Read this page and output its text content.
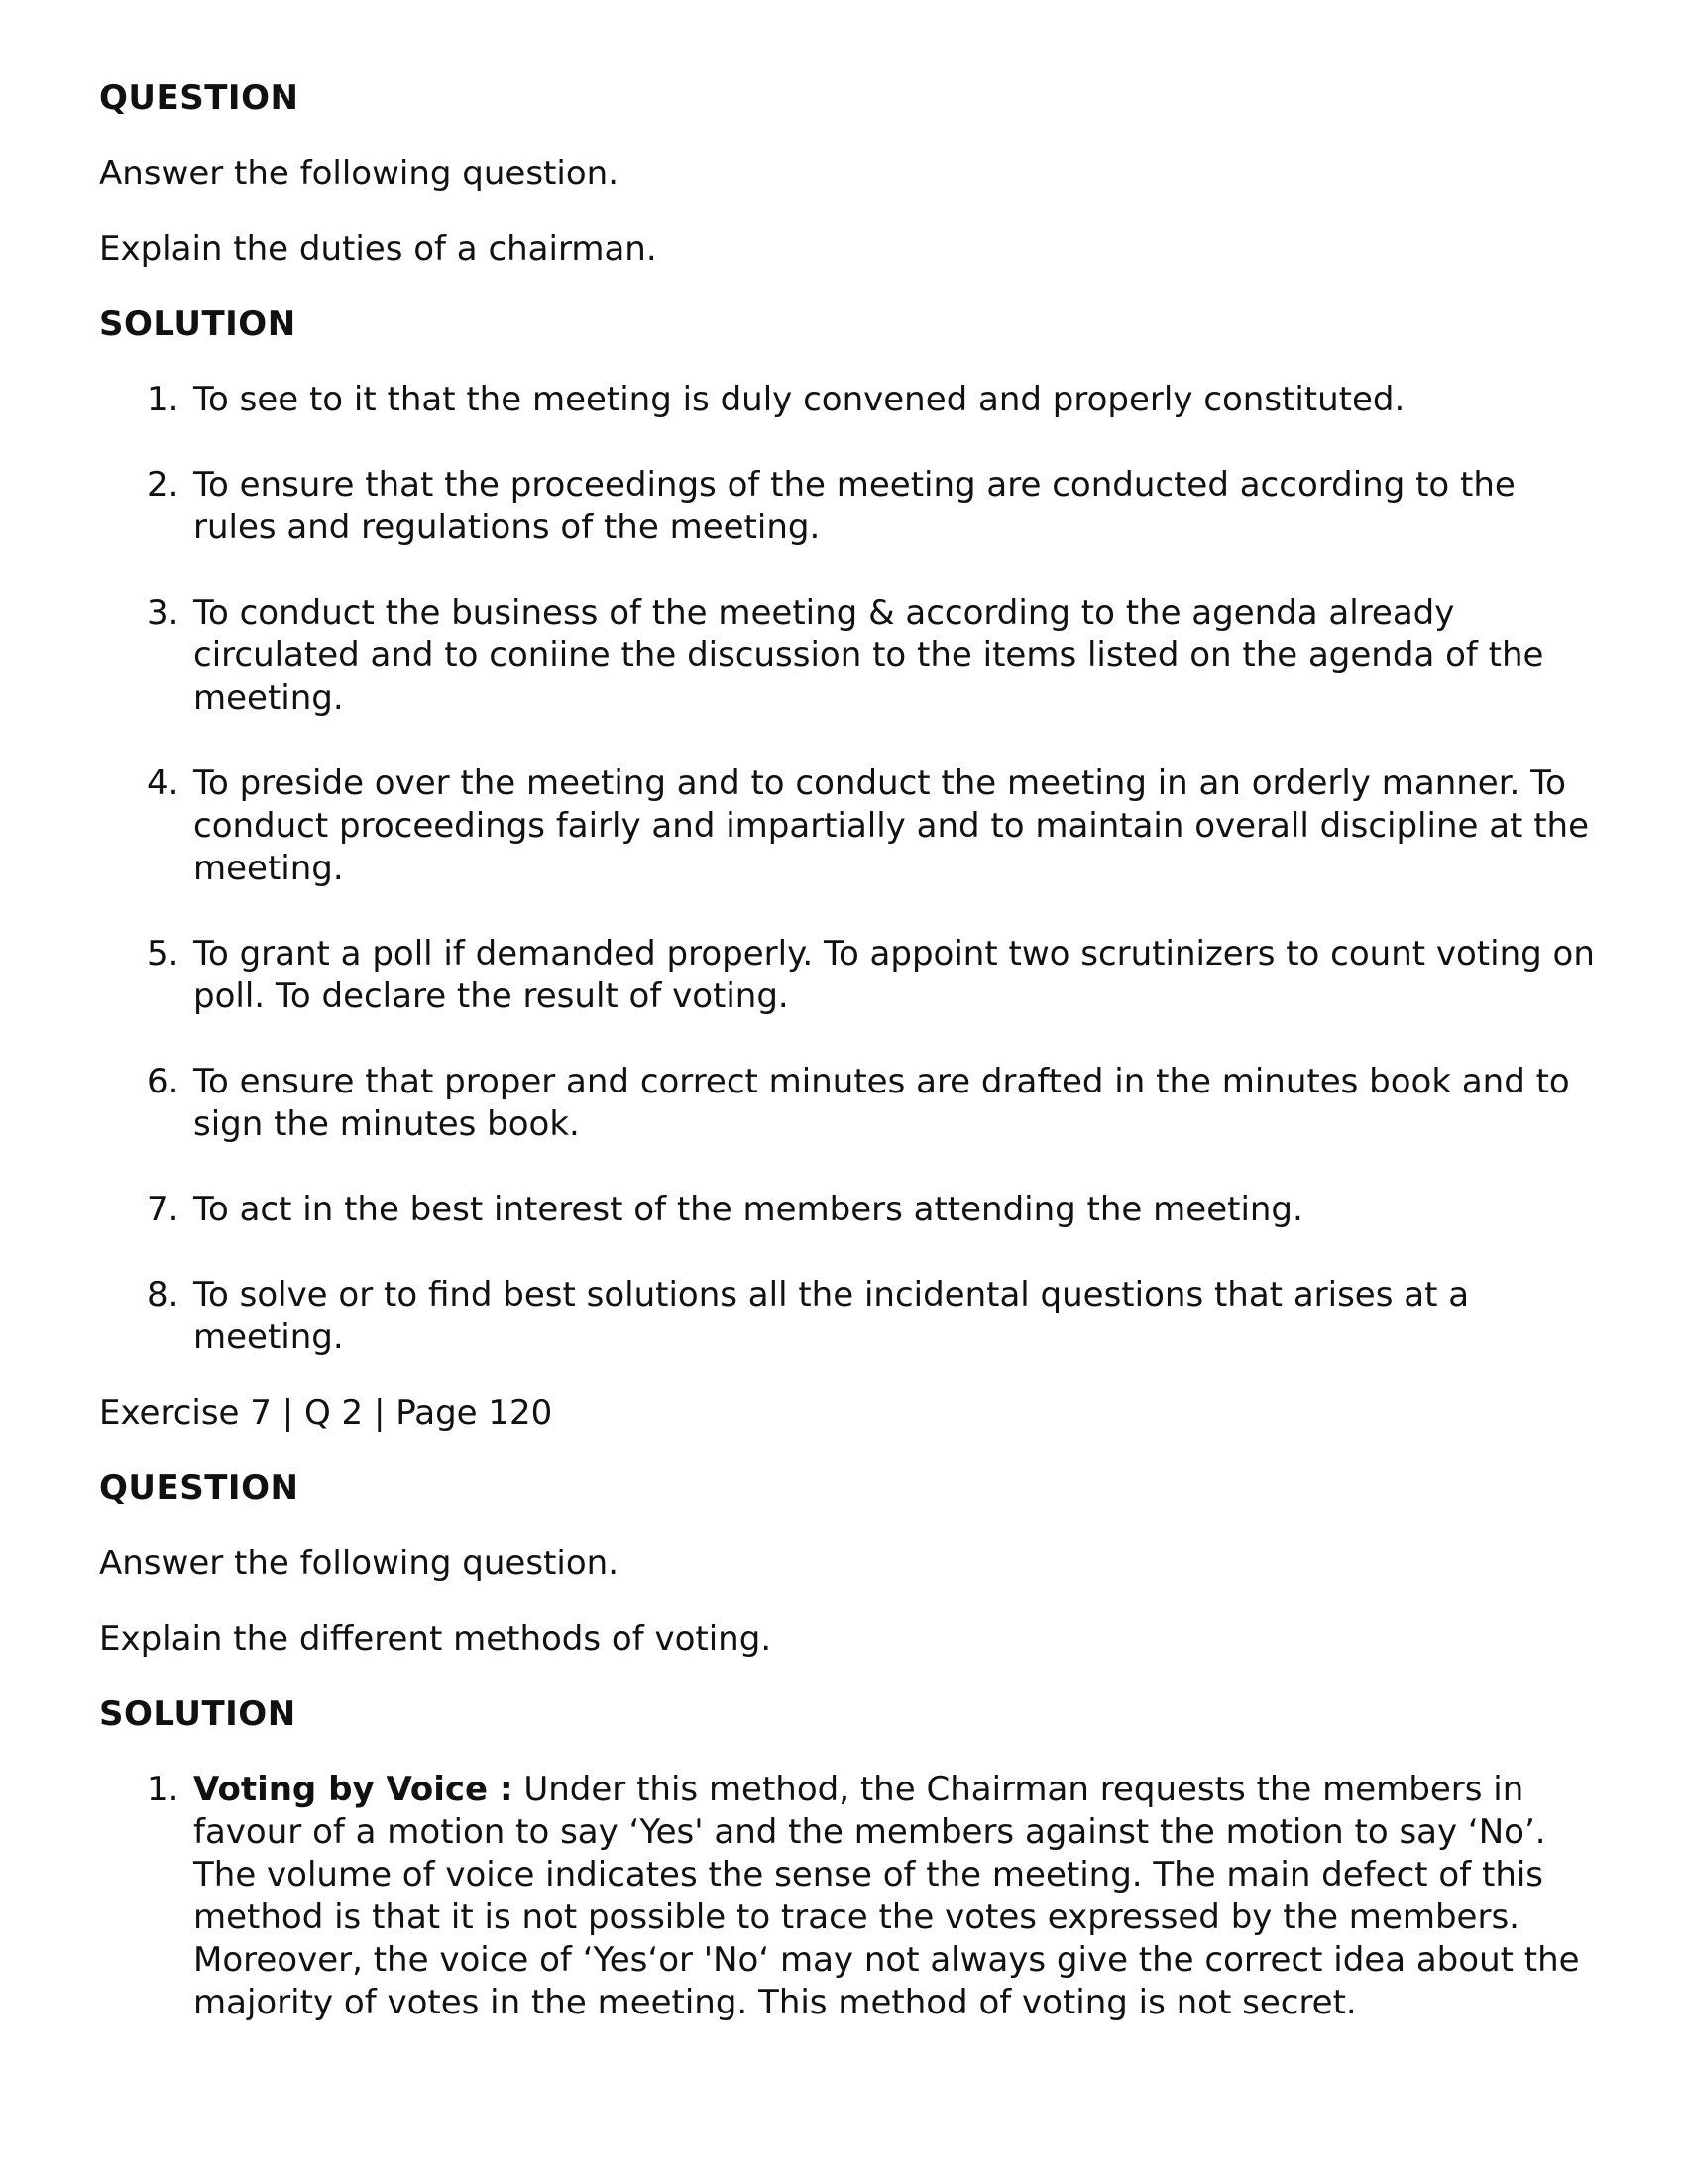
QUESTION
Answer the following question.
Explain the duties of a chairman.
SOLUTION
1. To see to it that the meeting is duly convened and properly constituted.
2. To ensure that the proceedings of the meeting are conducted according to the rules and regulations of the meeting.
3. To conduct the business of the meeting & according to the agenda already circulated and to coniine the discussion to the items listed on the agenda of the meeting.
4. To preside over the meeting and to conduct the meeting in an orderly manner. To conduct proceedings fairly and impartially and to maintain overall discipline at the meeting.
5. To grant a poll if demanded properly. To appoint two scrutinizers to count voting on poll. To declare the result of voting.
6. To ensure that proper and correct minutes are drafted in the minutes book and to sign the minutes book.
7. To act in the best interest of the members attending the meeting.
8. To solve or to find best solutions all the incidental questions that arises at a meeting.
Exercise 7 | Q 2 | Page 120
QUESTION
Answer the following question.
Explain the different methods of voting.
SOLUTION
1. Voting by Voice : Under this method, the Chairman requests the members in favour of a motion to say ‘Yes' and the members against the motion to say ‘No’. The volume of voice indicates the sense of the meeting. The main defect of this method is that it is not possible to trace the votes expressed by the members. Moreover, the voice of ‘Yes‘or 'No‘ may not always give the correct idea about the majority of votes in the meeting. This method of voting is not secret.
